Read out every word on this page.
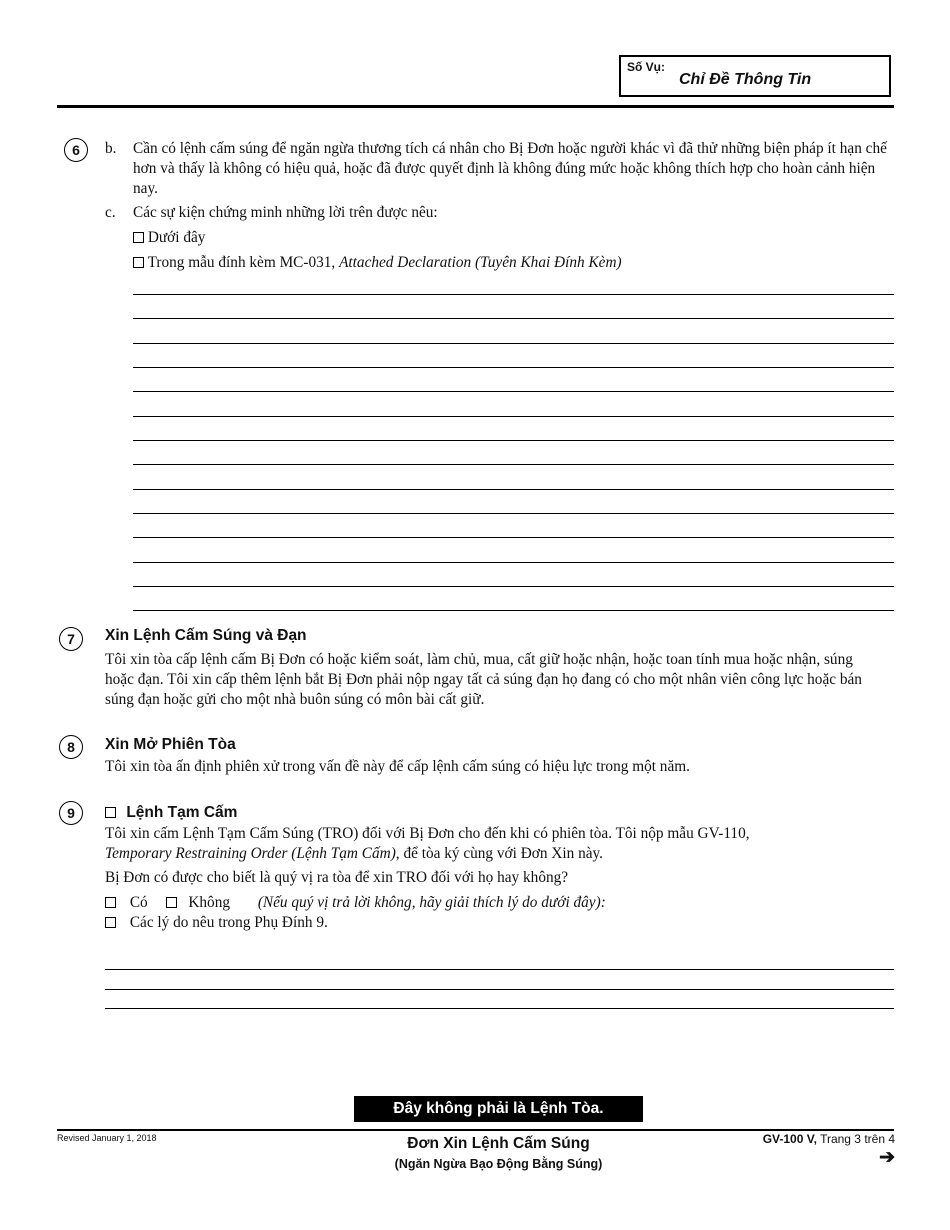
Số Vụ:
Chỉ Đề Thông Tin
6	b. Cần có lệnh cấm súng để ngăn ngừa thương tích cá nhân cho Bị Đơn hoặc người khác vì đã thử những biện pháp ít hạn chế hơn và thấy là không có hiệu quả, hoặc đã được quyết định là không đúng mức hoặc không thích hợp cho hoàn cảnh hiện nay.
c. Các sự kiện chứng minh những lời trên được nêu:
Dưới đây
Trong mẫu đính kèm MC-031, Attached Declaration (Tuyên Khai Đính Kèm)
7	Xin Lệnh Cấm Súng và Đạn
Tôi xin tòa cấp lệnh cấm Bị Đơn có hoặc kiểm soát, làm chủ, mua, cất giữ hoặc nhận, hoặc toan tính mua hoặc nhận, súng hoặc đạn. Tôi xin cấp thêm lệnh bắt Bị Đơn phải nộp ngay tất cả súng đạn họ đang có cho một nhân viên công lực hoặc bán súng đạn hoặc gửi cho một nhà buôn súng có môn bài cất giữ.
8	Xin Mở Phiên Tòa
Tôi xin tòa ấn định phiên xử trong vấn đề này để cấp lệnh cấm súng có hiệu lực trong một năm.
9	Lệnh Tạm Cấm
Tôi xin cấm Lệnh Tạm Cấm Súng (TRO) đối với Bị Đơn cho đến khi có phiên tòa. Tôi nộp mẫu GV-110,
Temporary Restraining Order (Lệnh Tạm Cấm), để tòa ký cùng với Đơn Xin này.
Bị Đơn có được cho biết là quý vị ra tòa để xin TRO đối với họ hay không?
Có	Không (Nếu quý vị trả lời không, hãy giải thích lý do dưới đây):
Các lý do nêu trong Phụ Đính 9.
Đây không phải là Lệnh Tòa.
Revised January 1, 2018	Đơn Xin Lệnh Cấm Súng
(Ngăn Ngừa Bạo Động Bằng Súng)
GV-100 V, Trang 3 trên 4
➔
